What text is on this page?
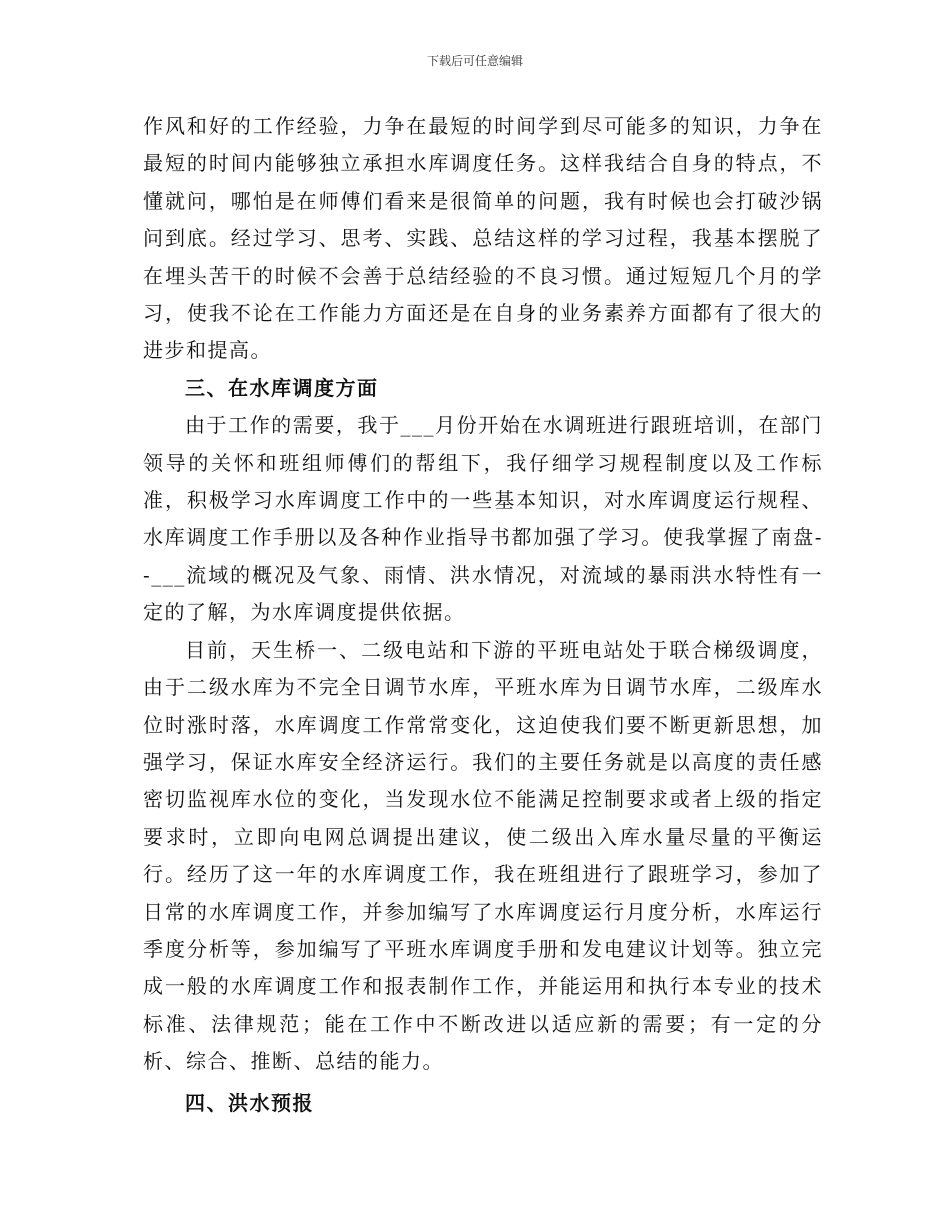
下载后可任意编辑

作风和好的工作经验，力争在最短的时间学到尽可能多的知识，力争在最短的时间内能够独立承担水库调度任务。这样我结合自身的特点，不懂就问，哪怕是在师傅们看来是很简单的问题，我有时候也会打破沙锅问到底。经过学习、思考、实践、总结这样的学习过程，我基本摆脱了在埋头苦干的时候不会善于总结经验的不良习惯。通过短短几个月的学习，使我不论在工作能力方面还是在自身的业务素养方面都有了很大的进步和提高。

三、在水库调度方面

由于工作的需要，我于___月份开始在水调班进行跟班培训，在部门领导的关怀和班组师傅们的帮组下，我仔细学习规程制度以及工作标准，积极学习水库调度工作中的一些基本知识，对水库调度运行规程、水库调度工作手册以及各种作业指导书都加强了学习。使我掌握了南盘--___流域的概况及气象、雨情、洪水情况，对流域的暴雨洪水特性有一定的了解，为水库调度提供依据。

目前，天生桥一、二级电站和下游的平班电站处于联合梯级调度，由于二级水库为不完全日调节水库，平班水库为日调节水库，二级库水位时涨时落，水库调度工作常常变化，这迫使我们要不断更新思想，加强学习，保证水库安全经济运行。我们的主要任务就是以高度的责任感密切监视库水位的变化，当发现水位不能满足控制要求或者上级的指定要求时，立即向电网总调提出建议，使二级出入库水量尽量的平衡运行。经历了这一年的水库调度工作，我在班组进行了跟班学习，参加了日常的水库调度工作，并参加编写了水库调度运行月度分析，水库运行季度分析等，参加编写了平班水库调度手册和发电建议计划等。独立完成一般的水库调度工作和报表制作工作，并能运用和执行本专业的技术标准、法律规范；能在工作中不断改进以适应新的需要；有一定的分析、综合、推断、总结的能力。

四、洪水预报
